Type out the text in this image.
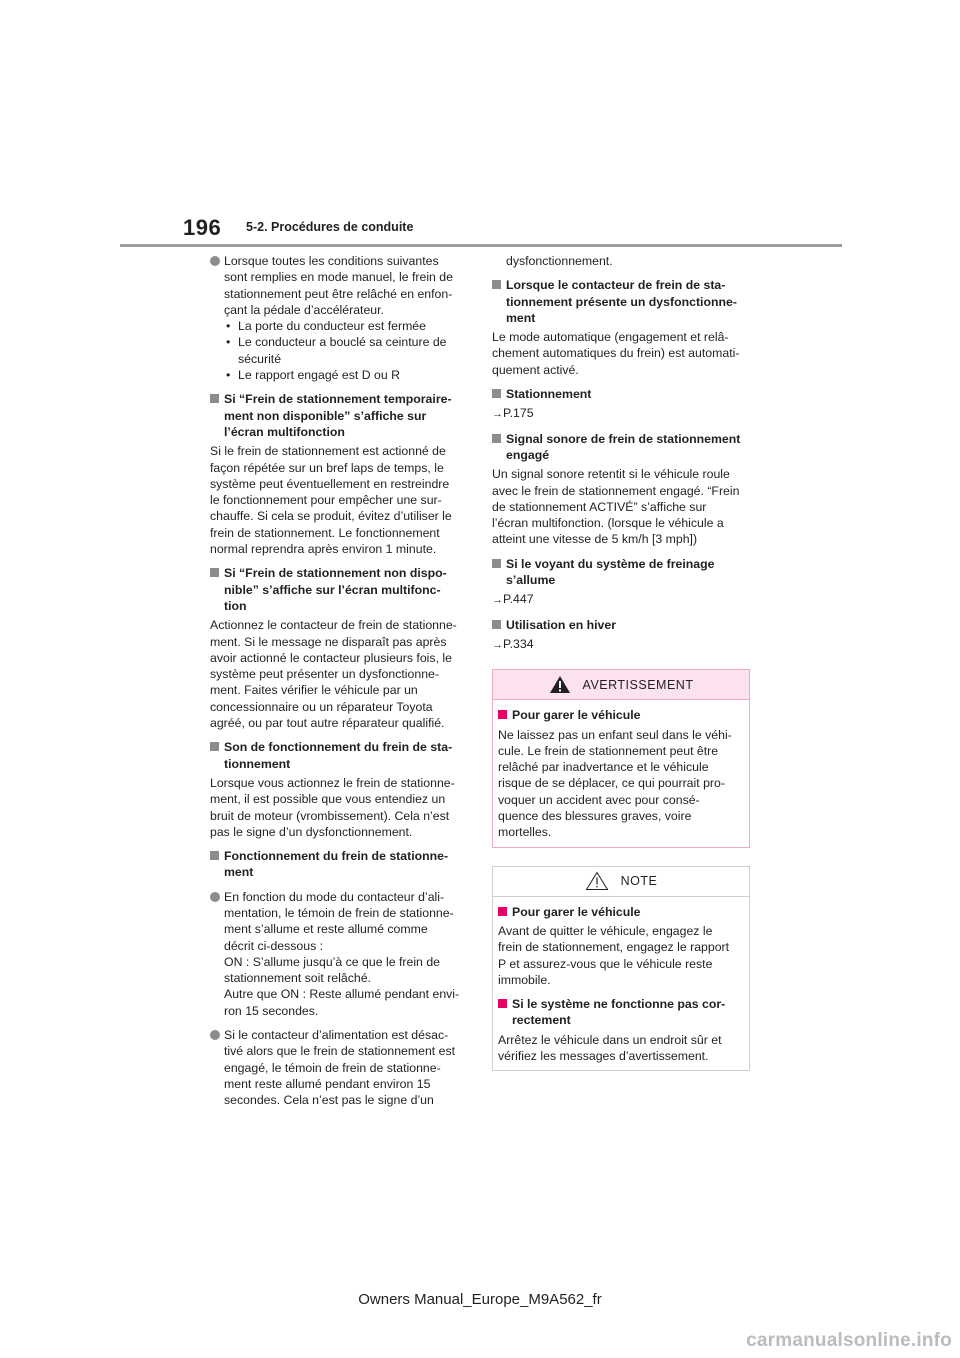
196 5-2. Procédures de conduite
Lorsque toutes les conditions suivantes
sont remplies en mode manuel, le frein de
stationnement peut être relâché en enfon-
çant la pédale d’accélérateur.
• La porte du conducteur est fermée
• Le conducteur a bouclé sa ceinture de
sécurité
• Le rapport engagé est D ou R
Si “Frein de stationnement temporaire-
ment non disponible” s’affiche sur
l’écran multifonction
Si le frein de stationnement est actionné de
façon répétée sur un bref laps de temps, le
système peut éventuellement en restreindre
le fonctionnement pour empêcher une sur-
chauffe. Si cela se produit, évitez d’utiliser le
frein de stationnement. Le fonctionnement
normal reprendra après environ 1 minute.
Si “Frein de stationnement non dispo-
nible” s’affiche sur l’écran multifonc-
tion
Actionnez le contacteur de frein de stationne-
ment. Si le message ne disparaît pas après
avoir actionné le contacteur plusieurs fois, le
système peut présenter un dysfonctionne-
ment. Faites vérifier le véhicule par un
concessionnaire ou un réparateur Toyota
agréé, ou par tout autre réparateur qualifié.
Son de fonctionnement du frein de sta-
tionnement
Lorsque vous actionnez le frein de stationne-
ment, il est possible que vous entendiez un
bruit de moteur (vrombissement). Cela n’est
pas le signe d’un dysfonctionnement.
Fonctionnement du frein de stationne-
ment
En fonction du mode du contacteur d’ali-
mentation, le témoin de frein de stationne-
ment s’allume et reste allumé comme
décrit ci-dessous :
ON : S’allume jusqu’à ce que le frein de
stationnement soit relâché.
Autre que ON : Reste allumé pendant envi-
ron 15 secondes.
Si le contacteur d’alimentation est désac-
tivé alors que le frein de stationnement est
engagé, le témoin de frein de stationne-
ment reste allumé pendant environ 15
secondes. Cela n’est pas le signe d’un
dysfonctionnement.
Lorsque le contacteur de frein de sta-
tionnement présente un dysfonctionne-
ment
Le mode automatique (engagement et relâ-
chement automatiques du frein) est automati-
quement activé.
Stationnement
→P.175
Signal sonore de frein de stationnement
engagé
Un signal sonore retentit si le véhicule roule
avec le frein de stationnement engagé. “Frein
de stationnement ACTIVÉ” s’affiche sur
l’écran multifonction. (lorsque le véhicule a
atteint une vitesse de 5 km/h [3 mph])
Si le voyant du système de freinage
s’allume
→P.447
Utilisation en hiver
→P.334
AVERTISSEMENT
Pour garer le véhicule
Ne laissez pas un enfant seul dans le véhi-
cule. Le frein de stationnement peut être
relâché par inadvertance et le véhicule
risque de se déplacer, ce qui pourrait pro-
voquer un accident avec pour consé-
quence des blessures graves, voire
mortelles.
NOTE
Pour garer le véhicule
Avant de quitter le véhicule, engagez le
frein de stationnement, engagez le rapport
P et assurez-vous que le véhicule reste
immobile.
Si le système ne fonctionne pas cor-
rectement
Arrêtez le véhicule dans un endroit sûr et
vérifiez les messages d’avertissement.
Owners Manual_Europe_M9A562_fr
carmanualsonline.info
